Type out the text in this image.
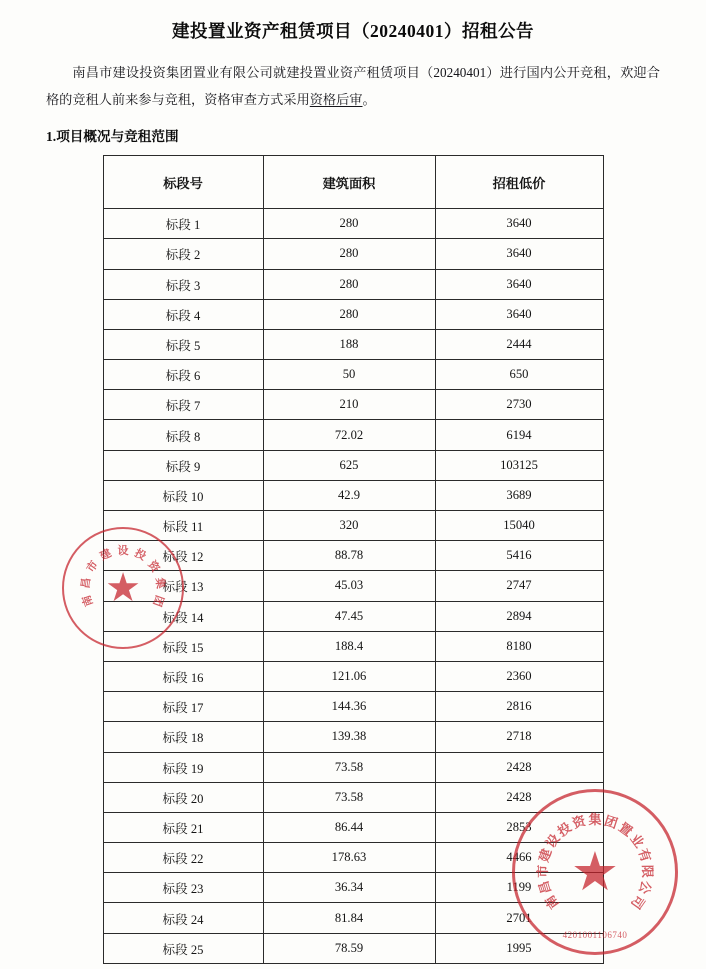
建投置业资产租赁项目（20240401）招租公告

南昌市建设投资集团置业有限公司就建投置业资产租赁项目（20240401）进行国内公开竞租，欢迎合格的竞租人前来参与竞租，资格审查方式采用资格后审。

1.项目概况与竞租范围
标段号	建筑面积	招租低价
标段 1	280	3640
标段 2	280	3640
标段 3	280	3640
标段 4	280	3640
标段 5	188	2444
标段 6	50	650
标段 7	210	2730
标段 8	72.02	6194
标段 9	625	103125
标段 10	42.9	3689
标段 11	320	15040
标段 12	88.78	5416
标段 13	45.03	2747
标段 14	47.45	2894
标段 15	188.4	8180
标段 16	121.06	2360
标段 17	144.36	2816
标段 18	139.38	2718
标段 19	73.58	2428
标段 20	73.58	2428
标段 21	86.44	2853
标段 22	178.63	4466
标段 23	36.34	1199
标段 24	81.84	2701
标段 25	78.59	1995
南
昌
市
建 设 投
资
集
团
★
南
昌
市
建
设
投
资 集 团
置
业
有
限
公
司
★
4201001106740
